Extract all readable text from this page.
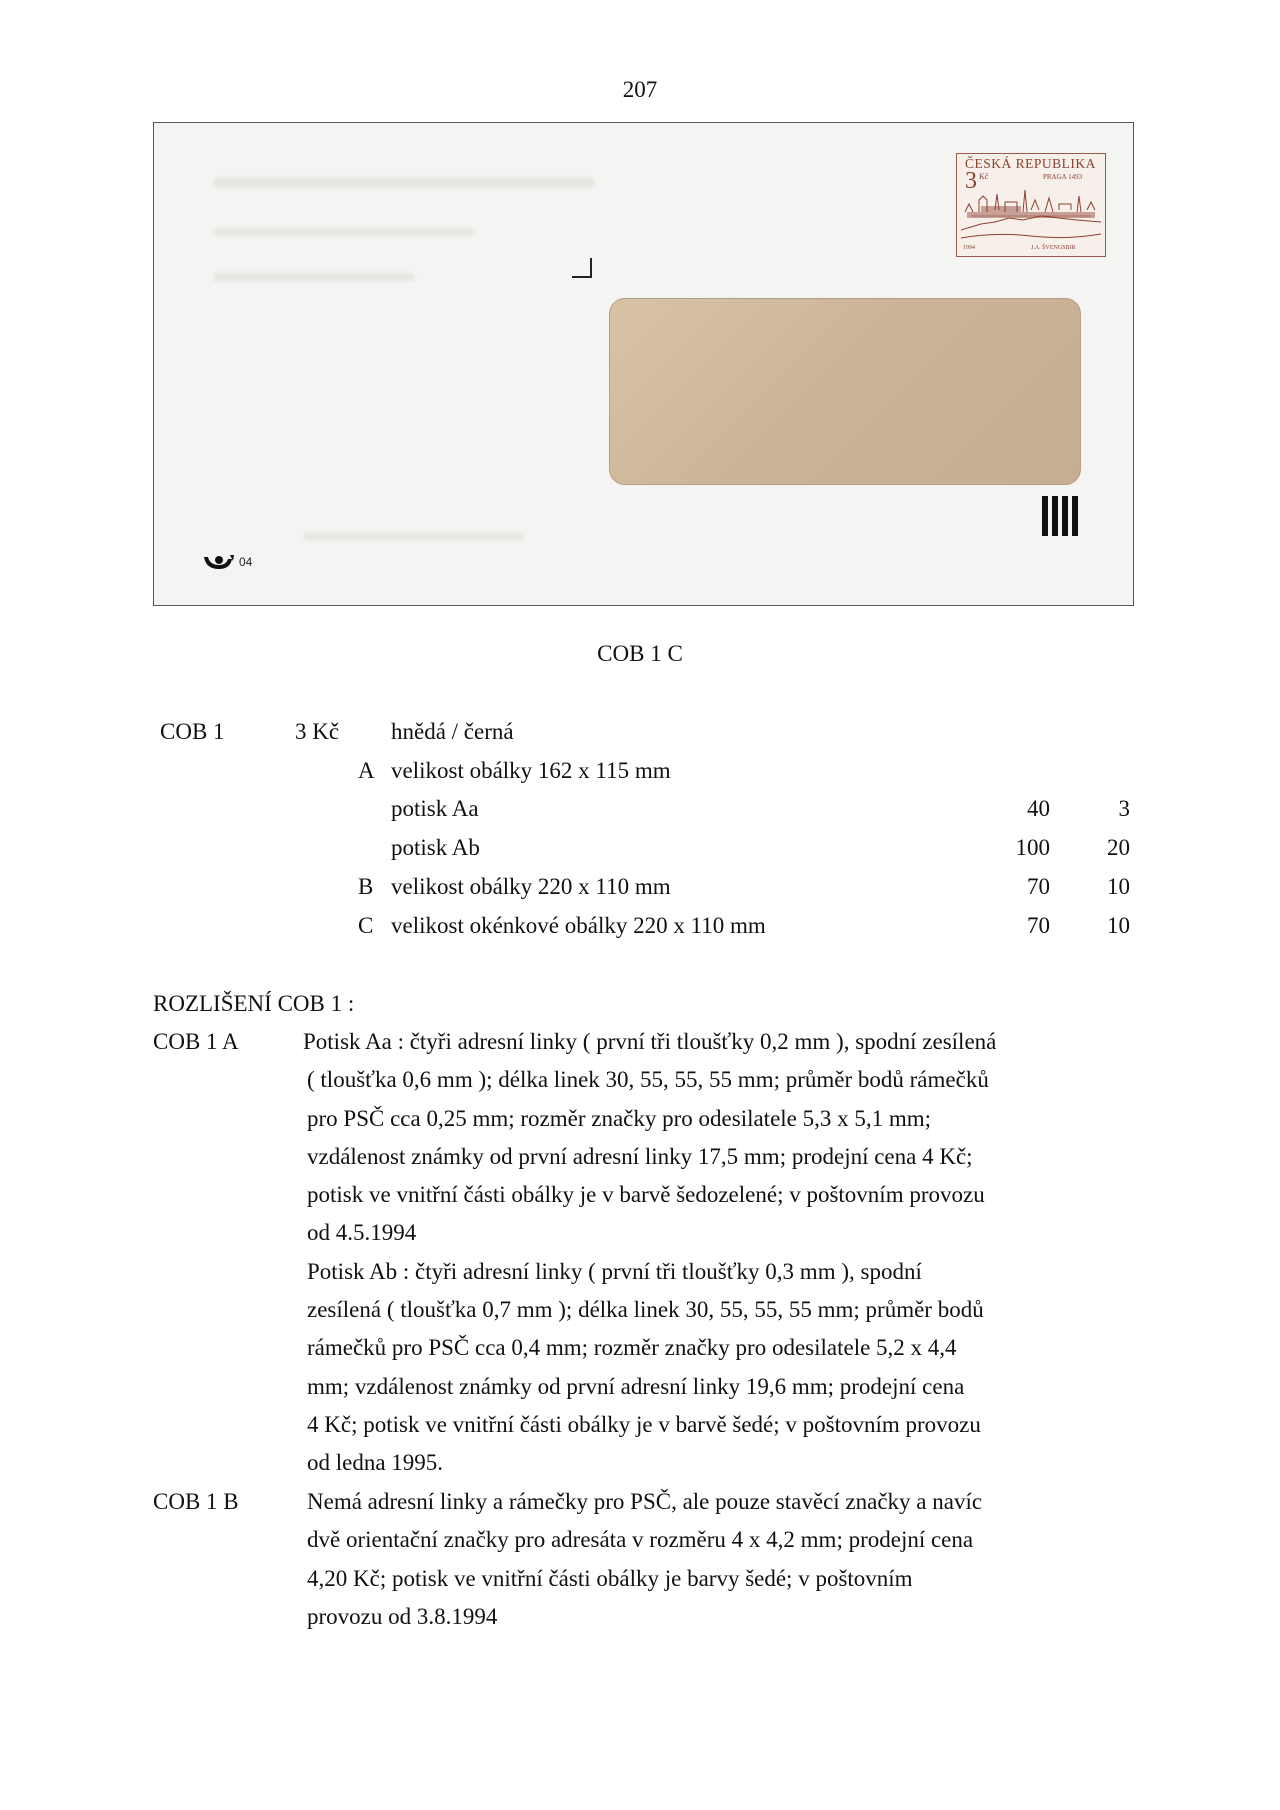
207
ČESKÁ REPUBLIKA
3 Kč	PRAGA 1493
1994	J.A. ŠVENGSBIR
04
COB 1 C
COB 1	3 Kč hnědá / černá
A velikost obálky 162 x 115 mm
potisk Aa	40	3
potisk Ab	100	20
B velikost obálky 220 x 110 mm	70	10
C velikost okénkové obálky 220 x 110 mm	70	10
ROZLIŠENÍ COB 1 :
COB 1 A	Potisk Aa : čtyři adresní linky ( první tři tloušťky 0,2 mm ), spodní zesílená
( tloušťka 0,6 mm ); délka linek 30, 55, 55, 55 mm; průměr bodů rámečků
pro PSČ cca 0,25 mm; rozměr značky pro odesilatele 5,3 x 5,1 mm;
vzdálenost známky od první adresní linky 17,5 mm; prodejní cena 4 Kč;
potisk ve vnitřní části obálky je v barvě šedozelené; v poštovním provozu
od 4.5.1994
Potisk Ab : čtyři adresní linky ( první tři tloušťky 0,3 mm ), spodní
zesílená ( tloušťka 0,7 mm ); délka linek 30, 55, 55, 55 mm; průměr bodů
rámečků pro PSČ cca 0,4 mm; rozměr značky pro odesilatele 5,2 x 4,4
mm; vzdálenost známky od první adresní linky 19,6 mm; prodejní cena
4 Kč; potisk ve vnitřní části obálky je v barvě šedé; v poštovním provozu
od ledna 1995.
COB 1 B	Nemá adresní linky a rámečky pro PSČ, ale pouze stavěcí značky a navíc
dvě orientační značky pro adresáta v rozměru 4 x 4,2 mm; prodejní cena
4,20 Kč; potisk ve vnitřní části obálky je barvy šedé; v poštovním
provozu od 3.8.1994
